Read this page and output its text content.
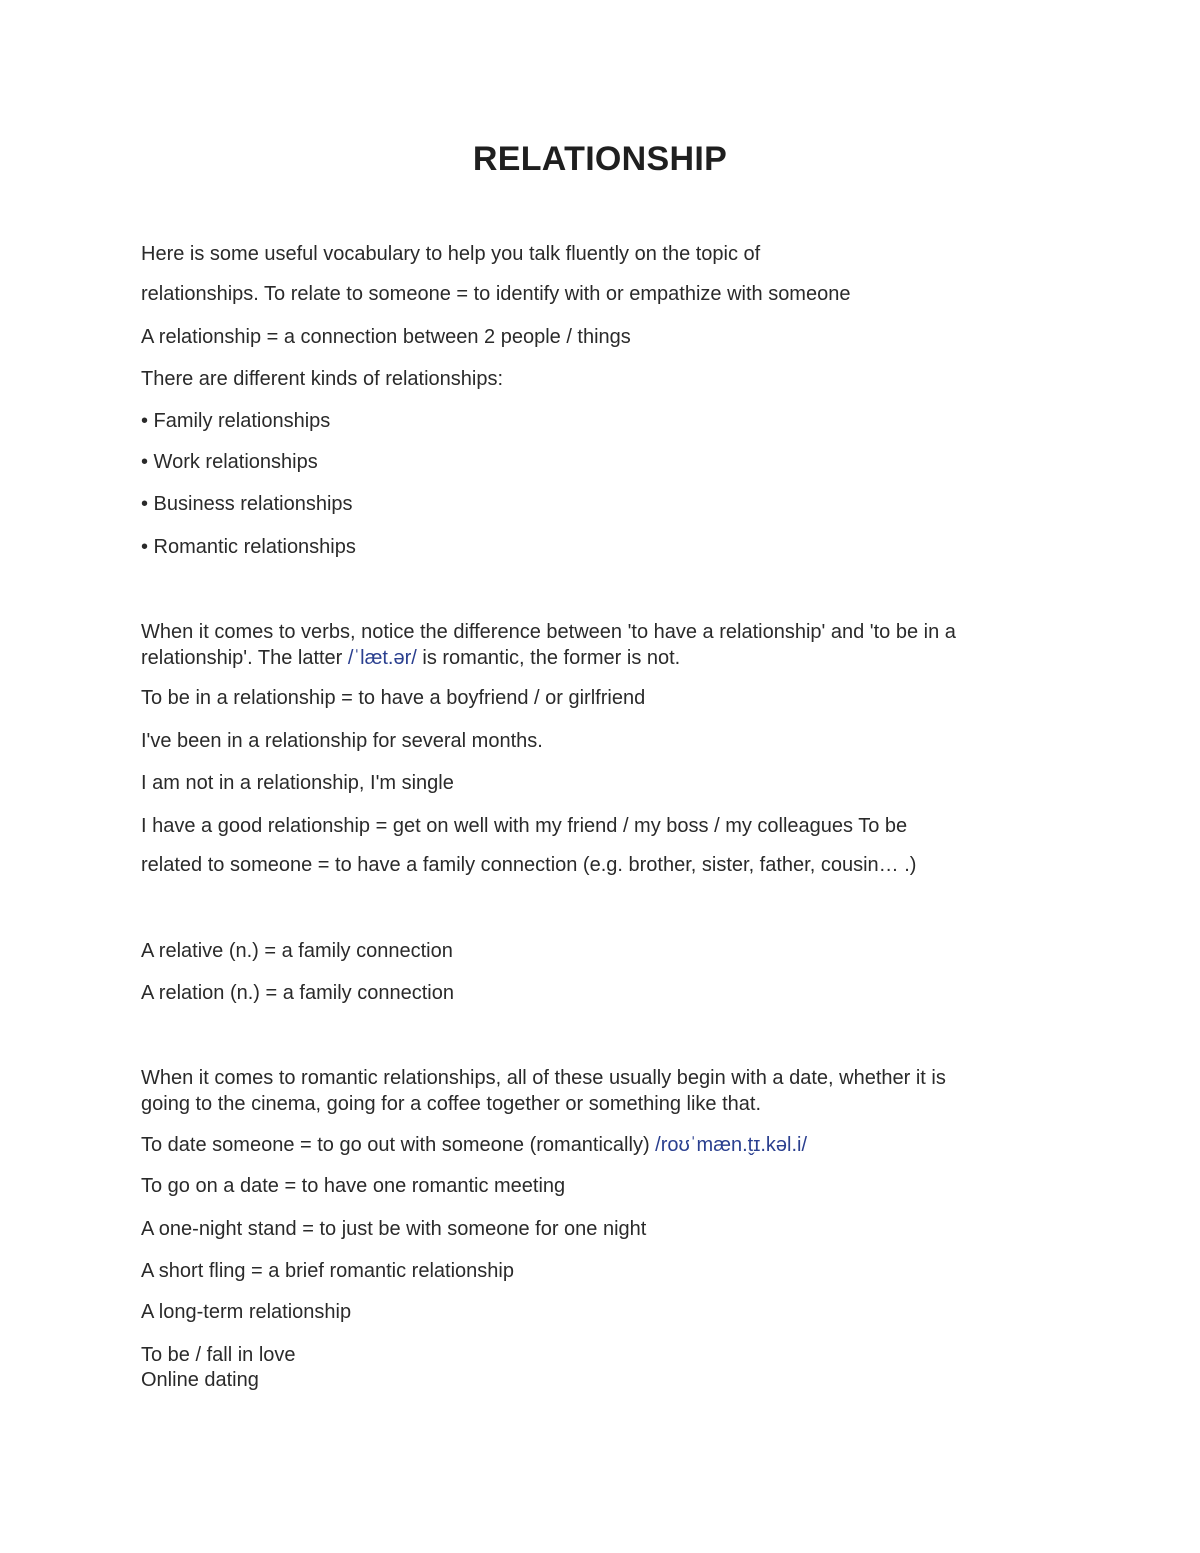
RELATIONSHIP
Here is some useful vocabulary to help you talk fluently on the topic of
relationships. To relate to someone = to identify with or empathize with someone
A relationship = a connection between 2 people / things
There are different kinds of relationships:
• Family relationships
• Work relationships
• Business relationships
• Romantic relationships
When it comes to verbs, notice the difference between 'to have a relationship' and 'to be in a
relationship'. The latter /ˈlæt.ər/ is romantic, the former is not.
To be in a relationship = to have a boyfriend / or girlfriend
I've been in a relationship for several months.
I am not in a relationship, I'm single
I have a good relationship = get on well with my friend / my boss / my colleagues To be
related to someone = to have a family connection (e.g. brother, sister, father, cousin… .)
A relative (n.) = a family connection
A relation (n.) = a family connection
When it comes to romantic relationships, all of these usually begin with a date, whether it is
going to the cinema, going for a coffee together or something like that.
To date someone = to go out with someone (romantically) /roʊˈmæn.t̬ɪ.kəl.i/
To go on a date = to have one romantic meeting
A one-night stand = to just be with someone for one night
A short fling = a brief romantic relationship
A long-term relationship
To be / fall in love
Online dating
